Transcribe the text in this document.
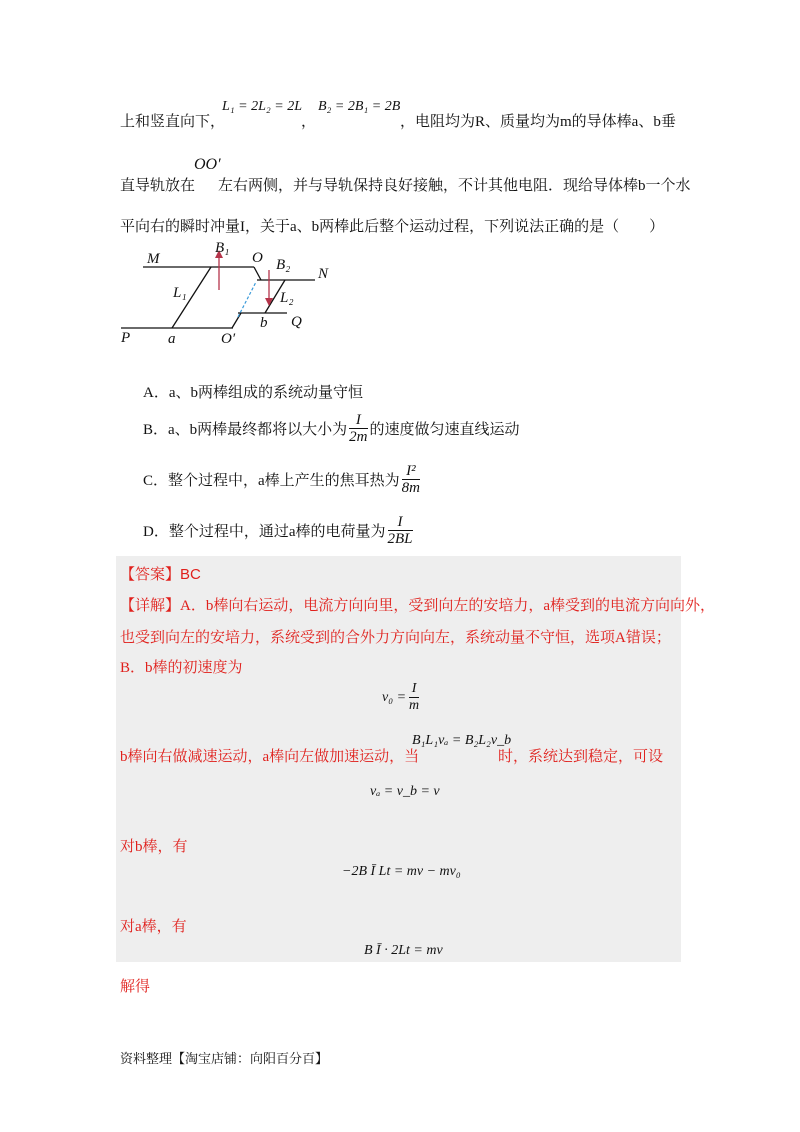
上和竖直向下，
L₁ = 2L₂ = 2L
，
B₂ = 2B₁ = 2B
，电阻均为R、质量均为m的导体棒a、b垂
直导轨放在
OO′
左右两侧，并与导轨保持良好接触，不计其他电阻．现给导体棒b一个水
平向右的瞬时冲量I，关于a、b两棒此后整个运动过程，下列说法正确的是（　　）
M
N
P
Q
O
O′
a
b
B₁
B₂
L₁	L₂
A．a、b两棒组成的系统动量守恒
B．a、b两棒最终都将以大小为 $\frac{I}{2m}$ 的速度做匀速直线运动
C．整个过程中，a棒上产生的焦耳热为 $\frac{\text{I²}}{8m}$
D．整个过程中，通过a棒的电荷量为 $\frac{I}{2BL}$
【答案】BC
【详解】A．b棒向右运动，电流方向向里，受到向左的安培力，a棒受到的电流方向向外，
也受到向左的安培力，系统受到的合外力方向向左，系统动量不守恒，选项A错误；
B．b棒的初速度为
$v_0 = \frac{I}{m}$
b棒向右做减速运动，a棒向左做加速运动，当
B₁L₁vₐ = B₂L₂v_b
时，系统达到稳定，可设
vₐ = v_b = v
对b棒，有
−2B Ī Lt = mv − mv₀
对a棒，有
B Ī · 2Lt = mv
解得
资料整理【淘宝店铺：向阳百分百】
